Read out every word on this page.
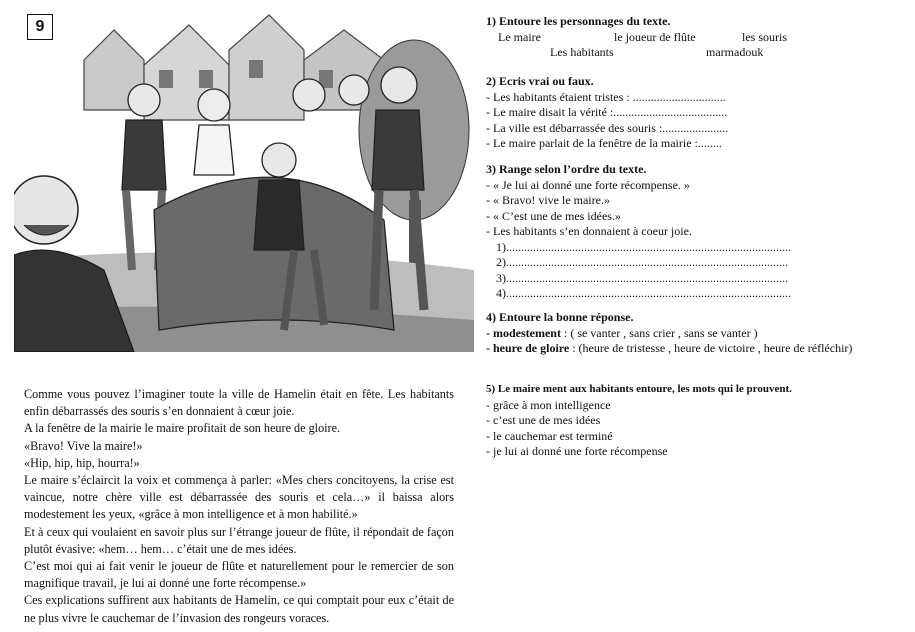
9

Comme vous pouvez l’imaginer toute la ville de Hamelin était en fête. Les habitants enfin débarrassés des souris s’en donnaient à cœur joie.

A la fenêtre de la mairie le maire profitait de son heure de gloire.

«Bravo! Vive la maire!»

«Hip, hip, hip, hourra!»

Le maire s’éclaircit la voix et commença à parler: «Mes chers concitoyens, la crise est vaincue, notre chère ville est débarrassée des souris et cela…» il baissa alors modestement les yeux, «grâce à mon intelligence et à mon habilité.»

Et à ceux qui voulaient en savoir plus sur l’étrange joueur de flûte, il répondait de façon plutôt évasive: «hem… hem… c’était une de mes idées.

C’est moi qui ai fait venir le joueur de flûte et naturellement pour le remercier de son magnifique travail, je lui ai donné une forte récompense.»

Ces explications suffirent aux habitants de Hamelin, ce qui comptait pour eux c’était de ne plus vivre le cauchemar de l’invasion des rongeurs voraces.

1) Entoure les personnages du texte.
Le maire	le joueur de flûte	les souris
Les habitants	marmadouk
2) Ecris vrai ou faux.
- Les habitants étaient tristes : ...............................
- Le maire disait la vérité :......................................
- La ville est débarrassée des souris :......................
- Le maire parlait de la fenêtre de la mairie :........
3) Range selon l’ordre du texte.
- « Je lui ai donné une forte récompense. »
- « Bravo! vive le maire.»
- « C’est une de mes idées.»
- Les habitants s’en donnaient à coeur joie.
1)...............................................................................................
2)..............................................................................................
3)..............................................................................................
4)...............................................................................................
4) Entoure la bonne réponse.
- modestement : ( se vanter , sans crier , sans se vanter )
- heure de gloire : (heure de tristesse , heure de victoire , heure de réfléchir)
5) Le maire ment aux habitants entoure, les mots qui le prouvent.
- grâce à mon intelligence
- c’est une de mes idées
- le cauchemar est terminé
- je lui ai donné une forte récompense
